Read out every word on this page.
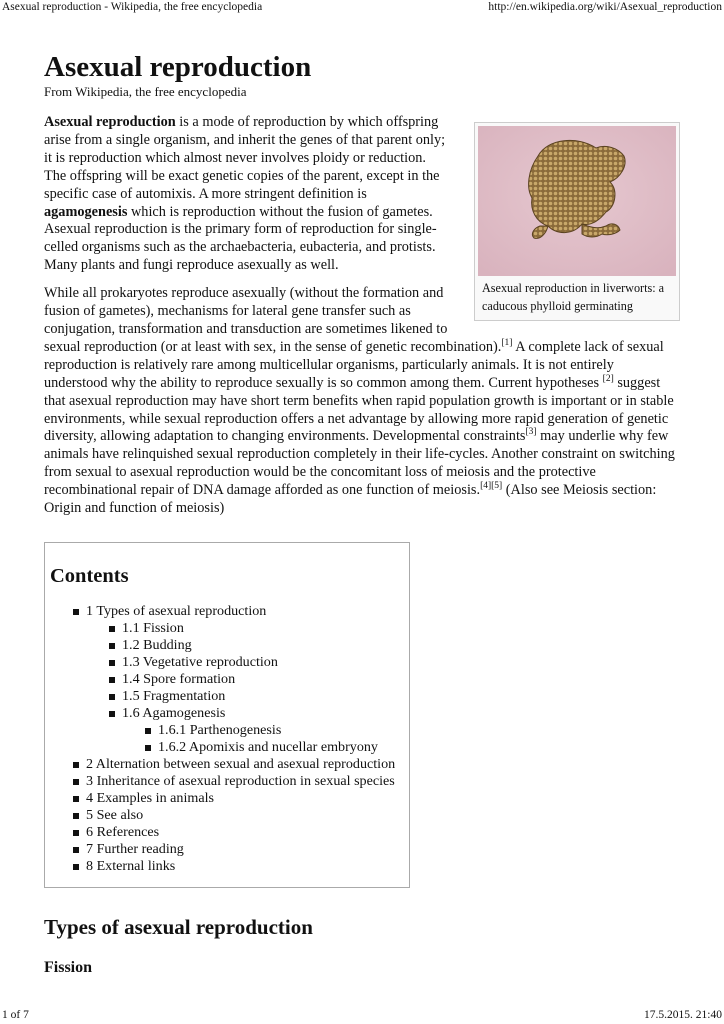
Asexual reproduction - Wikipedia, the free encyclopedia	http://en.wikipedia.org/wiki/Asexual_reproduction
Asexual reproduction
From Wikipedia, the free encyclopedia
Asexual reproduction in liverworts: a caducous phylloid germinating

Asexual reproduction is a mode of reproduction by which offspring arise from a single organism, and inherit the genes of that parent only; it is reproduction which almost never involves ploidy or reduction. The offspring will be exact genetic copies of the parent, except in the specific case of automixis. A more stringent definition is agamogenesis which is reproduction without the fusion of gametes. Asexual reproduction is the primary form of reproduction for single-celled organisms such as the archaebacteria, eubacteria, and protists. Many plants and fungi reproduce asexually as well.

While all prokaryotes reproduce asexually (without the formation and fusion of gametes), mechanisms for lateral gene transfer such as conjugation, transformation and transduction are sometimes likened to sexual reproduction (or at least with sex, in the sense of genetic recombination).[1] A complete lack of sexual reproduction is relatively rare among multicellular organisms, particularly animals. It is not entirely understood why the ability to reproduce sexually is so common among them. Current hypotheses [2] suggest that asexual reproduction may have short term benefits when rapid population growth is important or in stable environments, while sexual reproduction offers a net advantage by allowing more rapid generation of genetic diversity, allowing adaptation to changing environments. Developmental constraints[3] may underlie why few animals have relinquished sexual reproduction completely in their life-cycles. Another constraint on switching from sexual to asexual reproduction would be the concomitant loss of meiosis and the protective recombinational repair of DNA damage afforded as one function of meiosis.[4][5] (Also see Meiosis section: Origin and function of meiosis)

Contents
1 Types of asexual reproduction
1.1 Fission
1.2 Budding
1.3 Vegetative reproduction
1.4 Spore formation
1.5 Fragmentation
1.6 Agamogenesis
1.6.1 Parthenogenesis
1.6.2 Apomixis and nucellar embryony
2 Alternation between sexual and asexual reproduction
3 Inheritance of asexual reproduction in sexual species
4 Examples in animals
5 See also
6 References
7 Further reading
8 External links
Types of asexual reproduction
Fission
1 of 7	17.5.2015. 21:40
